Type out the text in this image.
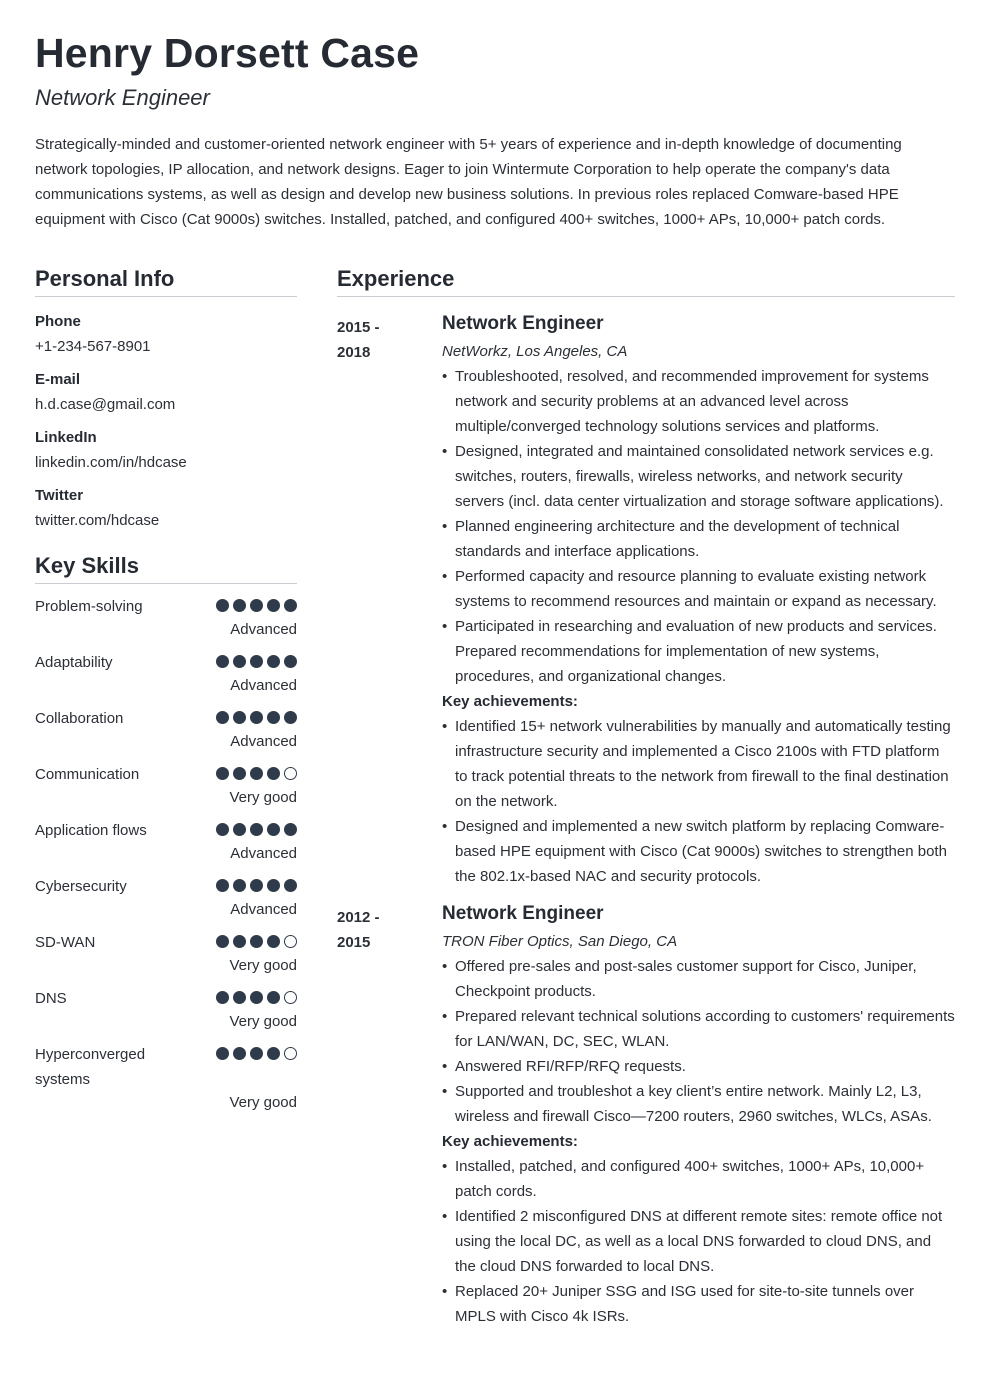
Henry Dorsett Case
Network Engineer

Strategically-minded and customer-oriented network engineer with 5+ years of experience and in-depth knowledge of documenting network topologies, IP allocation, and network designs. Eager to join Wintermute Corporation to help operate the company's data communications systems, as well as design and develop new business solutions. In previous roles replaced Comware-based HPE equipment with Cisco (Cat 9000s) switches. Installed, patched, and configured 400+ switches, 1000+ APs, 10,000+ patch cords.

Personal Info
Phone
+1-234-567-8901
E-mail
h.d.case@gmail.com
LinkedIn
linkedin.com/in/hdcase
Twitter
twitter.com/hdcase
Key Skills
Problem-solving
Advanced
Adaptability
Advanced
Collaboration
Advanced
Communication
Very good
Application flows
Advanced
Cybersecurity
Advanced
SD-WAN
Very good
DNS
Very good
Hyperconverged systems
Very good
Experience
2015 -
2018
Network Engineer
NetWorkz, Los Angeles, CA
• Troubleshooted, resolved, and recommended improvement for systems network and security problems at an advanced level across multiple/converged technology solutions services and platforms.
• Designed, integrated and maintained consolidated network services e.g. switches, routers, firewalls, wireless networks, and network security servers (incl. data center virtualization and storage software applications).
• Planned engineering architecture and the development of technical standards and interface applications.
• Performed capacity and resource planning to evaluate existing network systems to recommend resources and maintain or expand as necessary.
• Participated in researching and evaluation of new products and services. Prepared recommendations for implementation of new systems, procedures, and organizational changes.
Key achievements:
• Identified 15+ network vulnerabilities by manually and automatically testing infrastructure security and implemented a Cisco 2100s with FTD platform to track potential threats to the network from firewall to the final destination on the network.
• Designed and implemented a new switch platform by replacing Comware-based HPE equipment with Cisco (Cat 9000s) switches to strengthen both the 802.1x-based NAC and security protocols.
2012 -
2015
Network Engineer
TRON Fiber Optics, San Diego, CA
• Offered pre-sales and post-sales customer support for Cisco, Juniper, Checkpoint products.
• Prepared relevant technical solutions according to customers' requirements for LAN/WAN, DC, SEC, WLAN.
• Answered RFI/RFP/RFQ requests.
• Supported and troubleshot a key client’s entire network. Mainly L2, L3, wireless and firewall Cisco—7200 routers, 2960 switches, WLCs, ASAs.
Key achievements:
• Installed, patched, and configured 400+ switches, 1000+ APs, 10,000+ patch cords.
• Identified 2 misconfigured DNS at different remote sites: remote office not using the local DC, as well as a local DNS forwarded to cloud DNS, and the cloud DNS forwarded to local DNS.
• Replaced 20+ Juniper SSG and ISG used for site-to-site tunnels over MPLS with Cisco 4k ISRs.
